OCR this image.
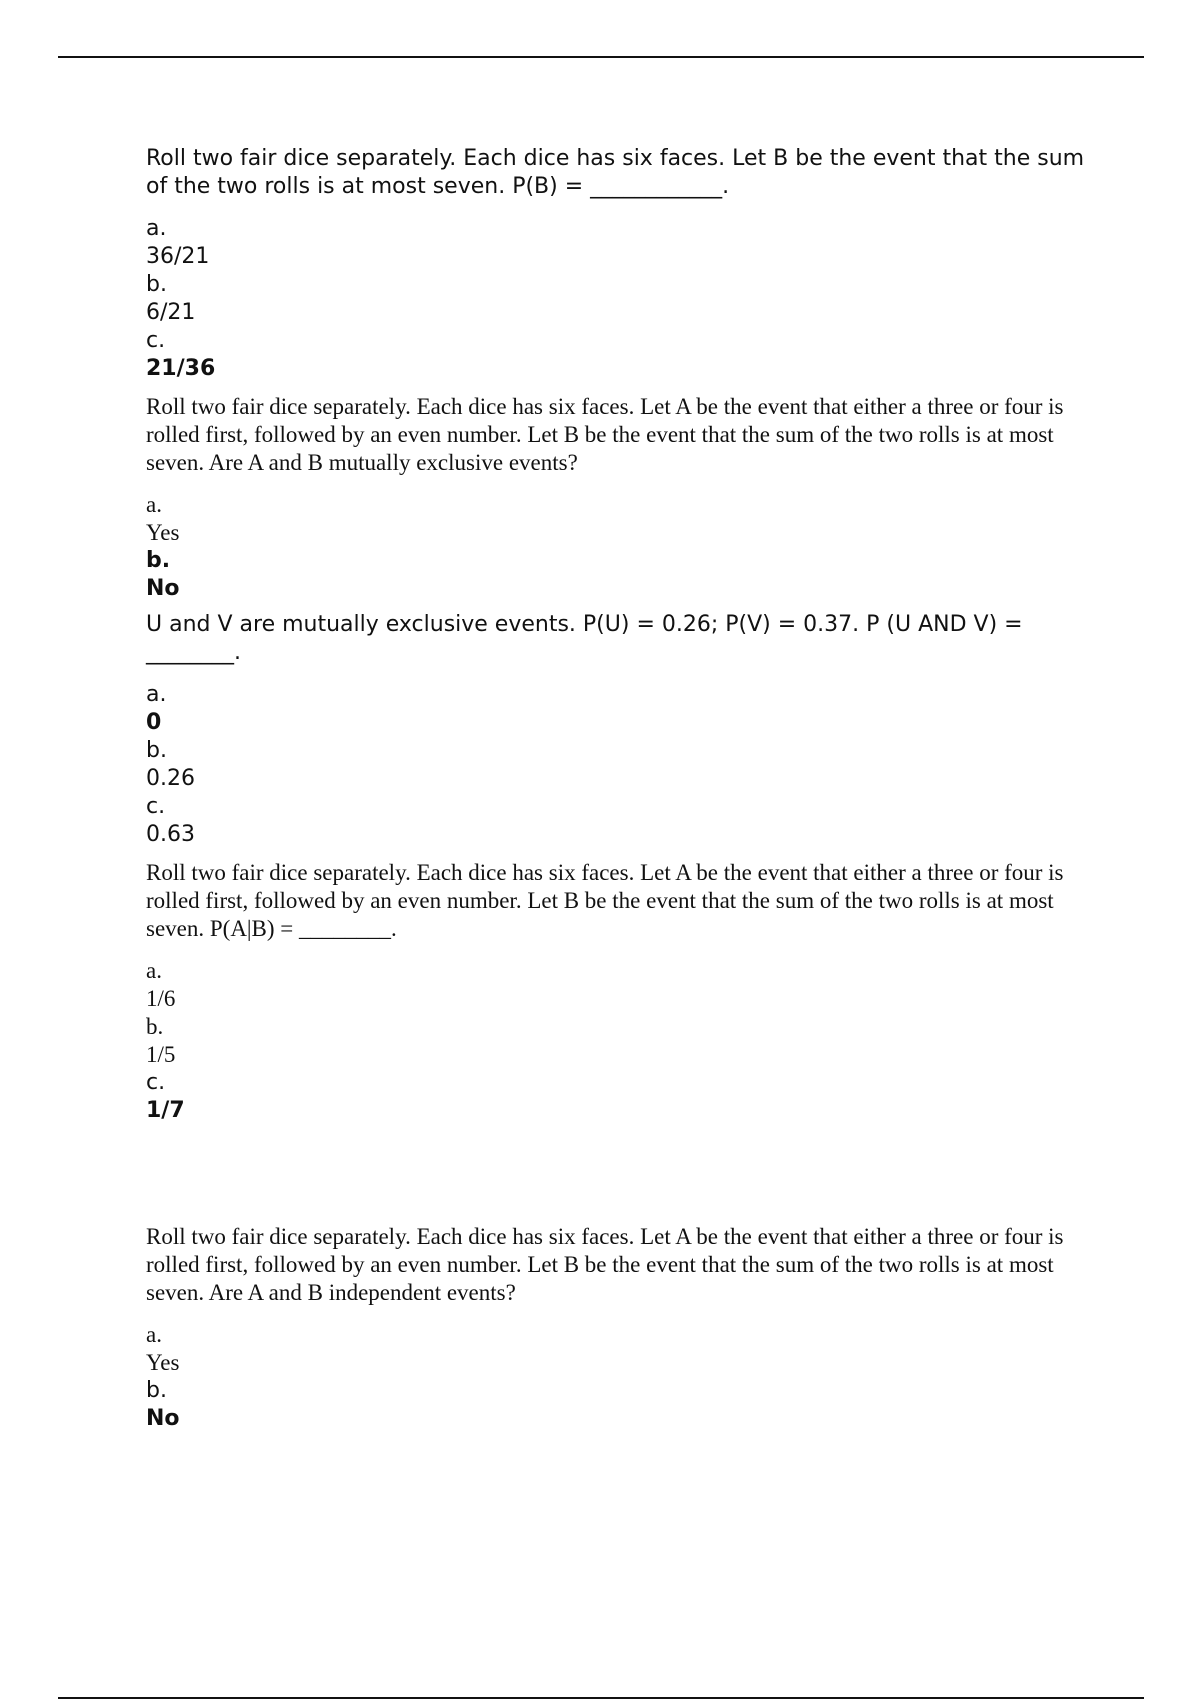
Roll two fair dice separately. Each dice has six faces. Let B be the event that the sum of the two rolls is at most seven. P(B) = ____________.

a.
36/21
b.
6/21
c.
21/36

Roll two fair dice separately. Each dice has six faces. Let A be the event that either a three or four is rolled first, followed by an even number. Let B be the event that the sum of the two rolls is at most seven. Are A and B mutually exclusive events?

a.
Yes
b.
No

U and V are mutually exclusive events. P(U) = 0.26; P(V) = 0.37. P (U AND V) = ________.

a.
0
b.
0.26
c.
0.63

Roll two fair dice separately. Each dice has six faces. Let A be the event that either a three or four is rolled first, followed by an even number. Let B be the event that the sum of the two rolls is at most seven. P(A|B) = ________.

a.
1/6
b.
1/5
c.
1/7

Roll two fair dice separately. Each dice has six faces. Let A be the event that either a three or four is rolled first, followed by an even number. Let B be the event that the sum of the two rolls is at most seven. Are A and B independent events?

a.
Yes
b.
No
